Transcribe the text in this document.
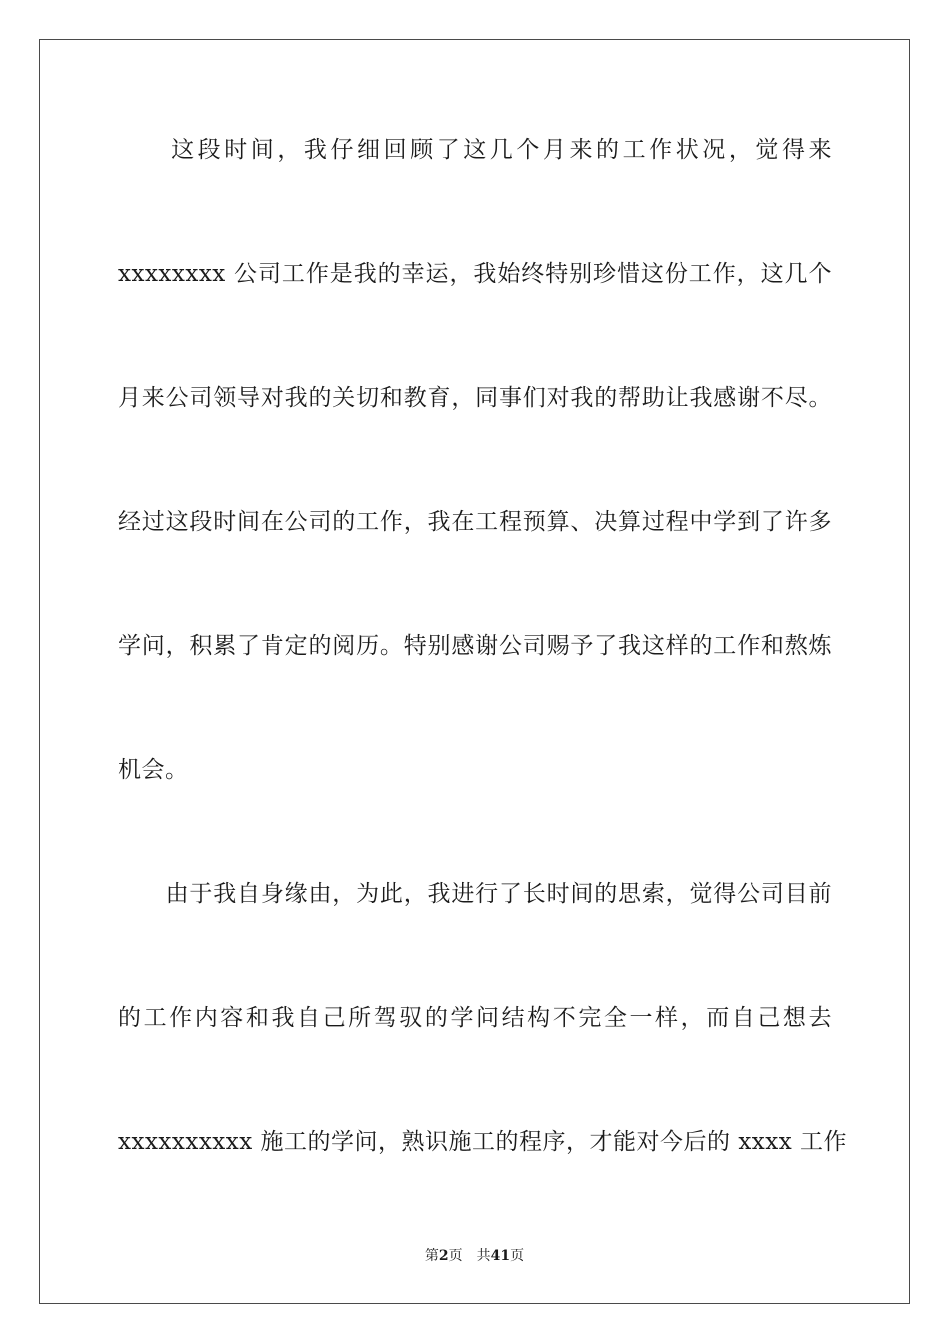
　　这段时间，我仔细回顾了这几个月来的工作状况，觉得来
xxxxxxxx 公司工作是我的幸运，我始终特别珍惜这份工作，这几个
月来公司领导对我的关切和教育，同事们对我的帮助让我感谢不尽。
经过这段时间在公司的工作，我在工程预算、决算过程中学到了许多
学问，积累了肯定的阅历。特别感谢公司赐予了我这样的工作和熬炼
机会。
　　由于我自身缘由，为此，我进行了长时间的思索，觉得公司目前
的工作内容和我自己所驾驭的学问结构不完全一样，而自己想去
xxxxxxxxxx 施工的学问，熟识施工的程序，才能对今后的 xxxx 工作
第2页 共41页
